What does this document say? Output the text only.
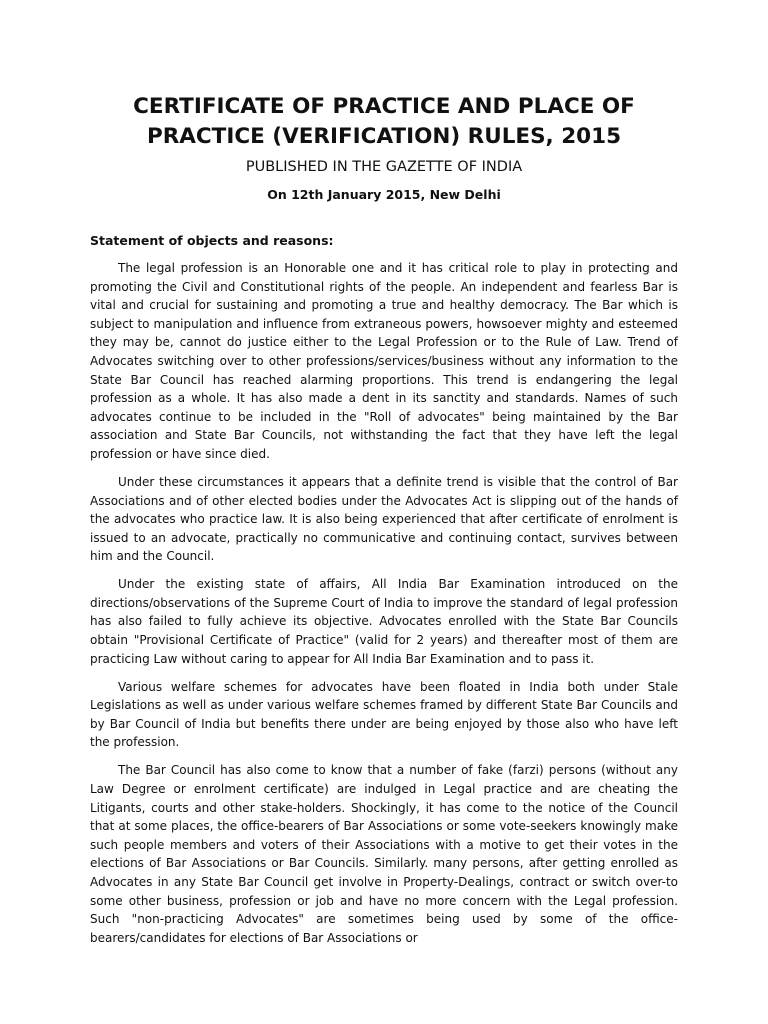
CERTIFICATE OF PRACTICE AND PLACE OF
PRACTICE (VERIFICATION) RULES, 2015
PUBLISHED IN THE GAZETTE OF INDIA
On 12th January 2015, New Delhi
Statement of objects and reasons:

The legal profession is an Honorable one and it has critical role to play in protecting and promoting the Civil and Constitutional rights of the people. An independent and fearless Bar is vital and crucial for sustaining and promoting a true and healthy democracy. The Bar which is subject to manipulation and influence from extraneous powers, howsoever mighty and esteemed they may be, cannot do justice either to the Legal Profession or to the Rule of Law. Trend of Advocates switching over to other professions/services/business without any information to the State Bar Council has reached alarming proportions. This trend is endangering the legal profession as a whole. It has also made a dent in its sanctity and standards. Names of such advocates continue to be included in the "Roll of advocates" being maintained by the Bar association and State Bar Councils, not withstanding the fact that they have left the legal profession or have since died.

Under these circumstances it appears that a definite trend is visible that the control of Bar Associations and of other elected bodies under the Advocates Act is slipping out of the hands of the advocates who practice law. It is also being experienced that after certificate of enrolment is issued to an advocate, practically no communicative and continuing contact, survives between him and the Council.

Under the existing state of affairs, All India Bar Examination introduced on the directions/observations of the Supreme Court of India to improve the standard of legal profession has also failed to fully achieve its objective. Advocates enrolled with the State Bar Councils obtain "Provisional Certificate of Practice" (valid for 2 years) and thereafter most of them are practicing Law without caring to appear for All India Bar Examination and to pass it.

Various welfare schemes for advocates have been floated in India both under Stale Legislations as well as under various welfare schemes framed by different State Bar Councils and by Bar Council of India but benefits there under are being enjoyed by those also who have left the profession.

The Bar Council has also come to know that a number of fake (farzi) persons (without any Law Degree or enrolment certificate) are indulged in Legal practice and are cheating the Litigants, courts and other stake-holders. Shockingly, it has come to the notice of the Council that at some places, the office-bearers of Bar Associations or some vote-seekers knowingly make such people members and voters of their Associations with a motive to get their votes in the elections of Bar Associations or Bar Councils. Similarly. many persons, after getting enrolled as Advocates in any State Bar Council get involve in Property-Dealings, contract or switch over-to some other business, profession or job and have no more concern with the Legal profession. Such "non-practicing Advocates" are sometimes being used by some of the office-bearers/candidates for elections of Bar Associations or
